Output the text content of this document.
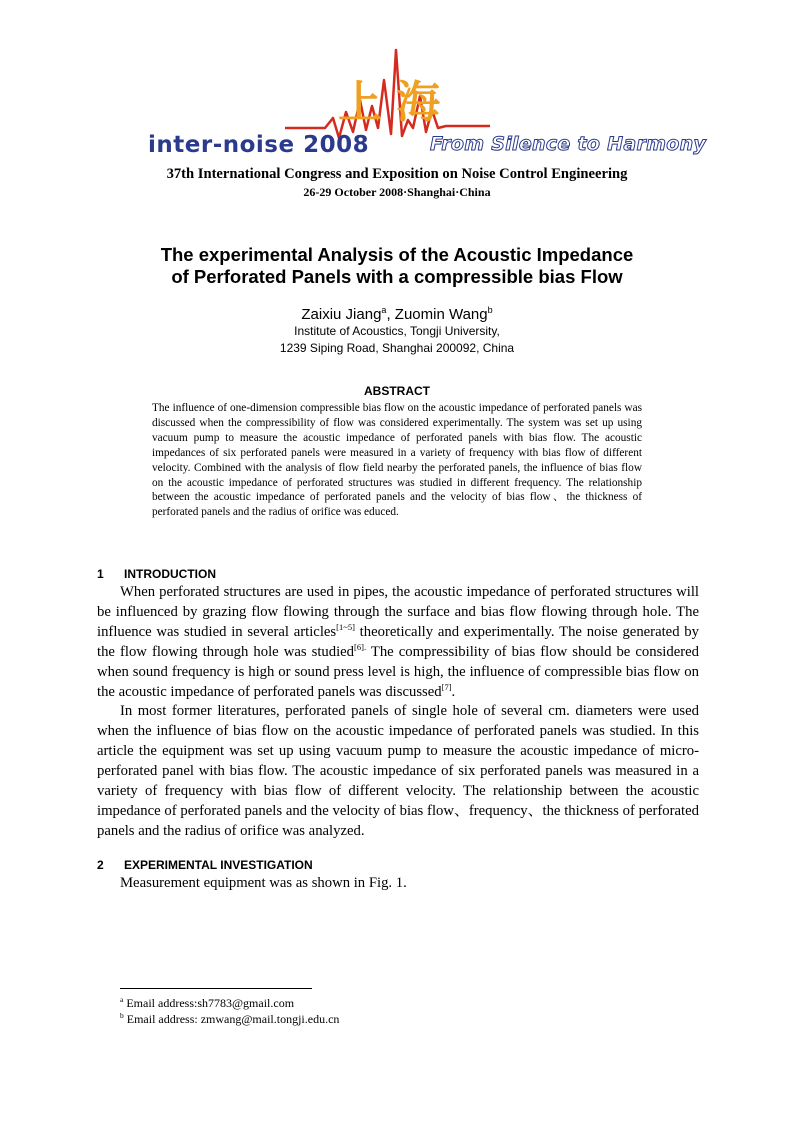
上海
inter-noise 2008	From Silence to Harmony
37th International Congress and Exposition on Noise Control Engineering
26-29 October 2008·Shanghai·China
The experimental Analysis of the Acoustic Impedance
of Perforated Panels with a compressible bias Flow
Zaixiu Jiang$^a$, Zuomin Wang$^b$
Institute of Acoustics, Tongji University,
1239 Siping Road, Shanghai 200092, China
ABSTRACT
The influence of one-dimension compressible bias flow on the acoustic impedance of perforated panels was discussed when the compressibility of flow was considered experimentally. The system was set up using vacuum pump to measure the acoustic impedance of perforated panels with bias flow. The acoustic impedances of six perforated panels were measured in a variety of frequency with bias flow of different velocity. Combined with the analysis of flow field nearby the perforated panels, the influence of bias flow on the acoustic impedance of perforated structures was studied in different frequency. The relationship between the acoustic impedance of perforated panels and the velocity of bias flow、the thickness of perforated panels and the radius of orifice was educed.
1 INTRODUCTION

When perforated structures are used in pipes, the acoustic impedance of perforated structures will be influenced by grazing flow flowing through the surface and bias flow flowing through hole. The influence was studied in several articles[1~5] theoretically and experimentally. The noise generated by the flow flowing through hole was studied$^{[6].}$ The compressibility of bias flow should be considered when sound frequency is high or sound press level is high, the influence of compressible bias flow on the acoustic impedance of perforated panels was discussed[7].

In most former literatures, perforated panels of single hole of several cm. diameters were used when the influence of bias flow on the acoustic impedance of perforated panels was studied. In this article the equipment was set up using vacuum pump to measure the acoustic impedance of micro-perforated panel with bias flow. The acoustic impedance of six perforated panels was measured in a variety of frequency with bias flow of different velocity. The relationship between the acoustic impedance of perforated panels and the velocity of bias flow、frequency、the thickness of perforated panels and the radius of orifice was analyzed.

2 EXPERIMENTAL INVESTIGATION

Measurement equipment was as shown in Fig. 1.

$^a$ Email address:sh7783@gmail.com
$^b$ Email address: zmwang@mail.tongji.edu.cn
